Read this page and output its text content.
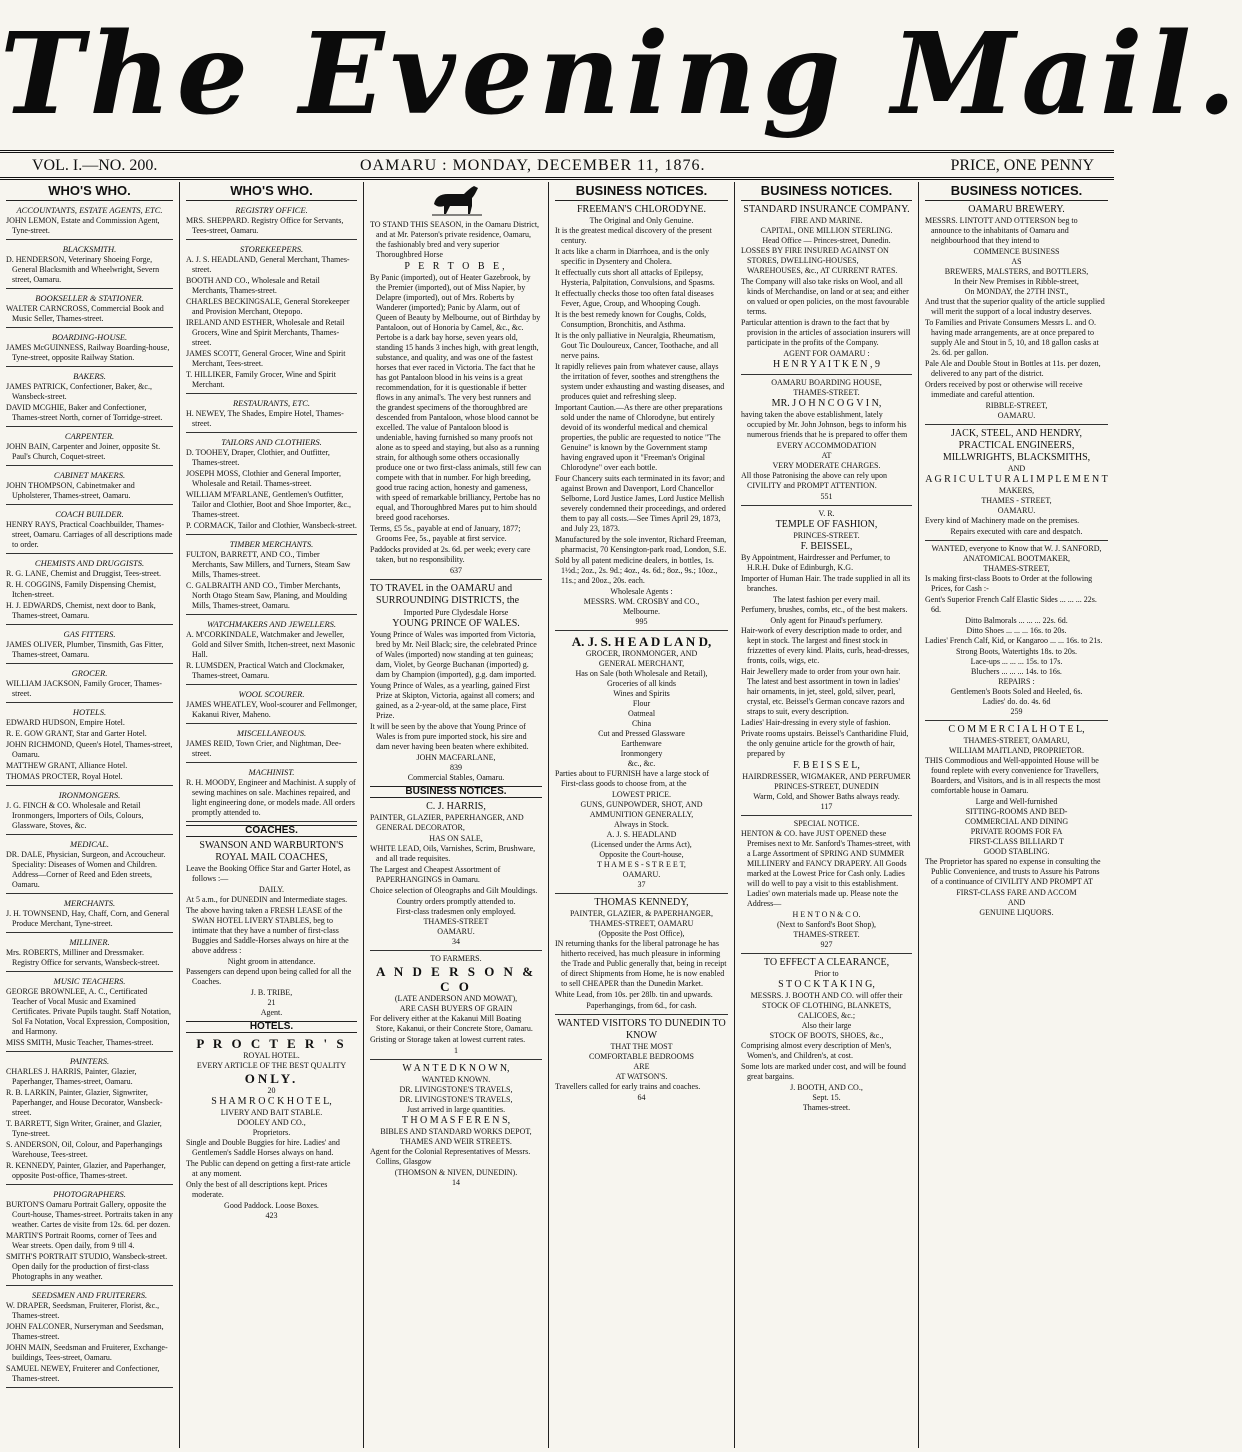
The Evening Mail.
VOL. I.—NO. 200.	OAMARU : MONDAY, DECEMBER 11, 1876.	PRICE, ONE PENNY
WHO'S WHO.
ACCOUNTANTS, ESTATE AGENTS, ETC.
JOHN LEMON, Estate and Commission Agent, Tyne-street.
BLACKSMITH.
D. HENDERSON, Veterinary Shoeing Forge, General Blacksmith and Wheelwright, Severn street, Oamaru.
BOOKSELLER & STATIONER.
WALTER CARNCROSS, Commercial Book and Music Seller, Thames-street.
BOARDING-HOUSE.
JAMES McGUINNESS, Railway Boarding-house, Tyne-street, opposite Railway Station.
BAKERS.
JAMES PATRICK, Confectioner, Baker, &c., Wansbeck-street.
DAVID MCGHIE, Baker and Confectioner, Thames-street North, corner of Torridge-street.
CARPENTER.
JOHN BAIN, Carpenter and Joiner, opposite St. Paul's Church, Coquet-street.
CABINET MAKERS.
JOHN THOMPSON, Cabinetmaker and Upholsterer, Thames-street, Oamaru.
COACH BUILDER.
HENRY RAYS, Practical Coachbuilder, Thames-street, Oamaru. Carriages of all descriptions made to order.
CHEMISTS AND DRUGGISTS.
R. G. LANE, Chemist and Druggist, Tees-street.
R. H. COGGINS, Family Dispensing Chemist, Itchen-street.
H. J. EDWARDS, Chemist, next door to Bank, Thames-street, Oamaru.
GAS FITTERS.
JAMES OLIVER, Plumber, Tinsmith, Gas Fitter, Thames-street, Oamaru.
GROCER.
WILLIAM JACKSON, Family Grocer, Thames-street.
HOTELS.
EDWARD HUDSON, Empire Hotel.
R. E. GOW GRANT, Star and Garter Hotel.
JOHN RICHMOND, Queen's Hotel, Thames-street, Oamaru.
MATTHEW GRANT, Alliance Hotel.
THOMAS PROCTER, Royal Hotel.
IRONMONGERS.
J. G. FINCH & CO. Wholesale and Retail Ironmongers, Importers of Oils, Colours, Glassware, Stoves, &c.
MEDICAL.
DR. DALE, Physician, Surgeon, and Accoucheur. Speciality: Diseases of Women and Children. Address—Corner of Reed and Eden streets, Oamaru.
MERCHANTS.
J. H. TOWNSEND, Hay, Chaff, Corn, and General Produce Merchant, Tyne-street.
MILLINER.
Mrs. ROBERTS, Milliner and Dressmaker. Registry Office for servants, Wansbeck-street.
MUSIC TEACHERS.
GEORGE BROWNLEE, A. C., Certificated Teacher of Vocal Music and Examined Certificates. Private Pupils taught. Staff Notation, Sol Fa Notation, Vocal Expression, Composition, and Harmony.
MISS SMITH, Music Teacher, Thames-street.
PAINTERS.
CHARLES J. HARRIS, Painter, Glazier, Paperhanger, Thames-street, Oamaru.
R. B. LARKIN, Painter, Glazier, Signwriter, Paperhanger, and House Decorator, Wansbeck-street.
T. BARRETT, Sign Writer, Grainer, and Glazier, Tyne-street.
S. ANDERSON, Oil, Colour, and Paperhangings Warehouse, Tees-street.
R. KENNEDY, Painter, Glazier, and Paperhanger, opposite Post-office, Thames-street.
PHOTOGRAPHERS.
BURTON'S Oamaru Portrait Gallery, opposite the Court-house, Thames-street. Portraits taken in any weather. Cartes de visite from 12s. 6d. per dozen.
MARTIN'S Portrait Rooms, corner of Tees and Wear streets. Open daily, from 9 till 4.
SMITH'S PORTRAIT STUDIO, Wansbeck-street. Open daily for the production of first-class Photographs in any weather.
SEEDSMEN AND FRUITERERS.
W. DRAPER, Seedsman, Fruiterer, Florist, &c., Thames-street.
JOHN FALCONER, Nurseryman and Seedsman, Thames-street.
JOHN MAIN, Seedsman and Fruiterer, Exchange-buildings, Tees-street, Oamaru.
SAMUEL NEWEY, Fruiterer and Confectioner, Thames-street.
WHO'S WHO.
REGISTRY OFFICE.
MRS. SHEPPARD. Registry Office for Servants, Tees-street, Oamaru.
STOREKEEPERS.
A. J. S. HEADLAND, General Merchant, Thames-street.
BOOTH AND CO., Wholesale and Retail Merchants, Thames-street.
CHARLES BECKINGSALE, General Storekeeper and Provision Merchant, Otepopo.
IRELAND AND ESTHER, Wholesale and Retail Grocers, Wine and Spirit Merchants, Thames-street.
JAMES SCOTT, General Grocer, Wine and Spirit Merchant, Tees-street.
T. HILLIKER, Family Grocer, Wine and Spirit Merchant.
RESTAURANTS, ETC.
H. NEWEY, The Shades, Empire Hotel, Thames-street.
TAILORS AND CLOTHIERS.
D. TOOHEY, Draper, Clothier, and Outfitter, Thames-street.
JOSEPH MOSS, Clothier and General Importer, Wholesale and Retail. Thames-street.
WILLIAM M'FARLANE, Gentlemen's Outfitter, Tailor and Clothier, Boot and Shoe Importer, &c., Thames-street.
P. CORMACK, Tailor and Clothier, Wansbeck-street.
TIMBER MERCHANTS.
FULTON, BARRETT, AND CO., Timber Merchants, Saw Millers, and Turners, Steam Saw Mills, Thames-street.
C. GALBRAITH AND CO., Timber Merchants, North Otago Steam Saw, Planing, and Moulding Mills, Thames-street, Oamaru.
WATCHMAKERS AND JEWELLERS.
A. M'CORKINDALE, Watchmaker and Jeweller, Gold and Silver Smith, Itchen-street, next Masonic Hall.
R. LUMSDEN, Practical Watch and Clockmaker, Thames-street, Oamaru.
WOOL SCOURER.
JAMES WHEATLEY, Wool-scourer and Fellmonger, Kakanui River, Maheno.
MISCELLANEOUS.
JAMES REID, Town Crier, and Nightman, Dee-street.
MACHINIST.
R. H. MOODY, Engineer and Machinist. A supply of sewing machines on sale. Machines repaired, and light engineering done, or models made. All orders promptly attended to.
COACHES.
SWANSON AND WARBURTON'S
ROYAL MAIL COACHES,
Leave the Booking Office Star and Garter Hotel, as follows :—
DAILY.
At 5 a.m., for DUNEDIN and Intermediate stages.
The above having taken a FRESH LEASE of the SWAN HOTEL LIVERY STABLES, beg to intimate that they have a number of first-class Buggies and Saddle-Horses always on hire at the above address :
Night groom in attendance.
Passengers can depend upon being called for all the Coaches.
J. B. TRIBE,
21
Agent.
HOTELS.
P R O C T E R ' S
ROYAL HOTEL.
EVERY ARTICLE OF THE BEST QUALITY
ONLY.
20
S H A M R O C K H O T E L,
LIVERY AND BAIT STABLE.
DOOLEY AND CO.,
Proprietors.
Single and Double Buggies for hire. Ladies' and Gentlemen's Saddle Horses always on hand.
The Public can depend on getting a first-rate article at any moment.
Only the best of all descriptions kept. Prices moderate.
Good Paddock. Loose Boxes.
423
TO STAND THIS SEASON, in the Oamaru District, and at Mr. Paterson's private residence, Oamaru, the fashionably bred and very superior Thoroughbred Horse
P E R T O B E,
By Panic (imported), out of Heater Gazebrook, by the Premier (imported), out of Miss Napier, by Delapre (imported), out of Mrs. Roberts by Wanderer (imported); Panic by Alarm, out of Queen of Beauty by Melbourne, out of Birthday by Pantaloon, out of Honoria by Camel, &c., &c. Pertobe is a dark bay horse, seven years old, standing 15 hands 3 inches high, with great length, substance, and quality, and was one of the fastest horses that ever raced in Victoria. The fact that he has got Pantaloon blood in his veins is a great recommendation, for it is questionable if better flows in any animal's. The very best runners and the grandest specimens of the thoroughbred are descended from Pantaloon, whose blood cannot be excelled. The value of Pantaloon blood is undeniable, having furnished so many proofs not alone as to speed and staying, but also as a running strain, for although some others occasionally produce one or two first-class animals, still few can compete with that in number. For high breeding, good true racing action, honesty and gameness, with speed of remarkable brilliancy, Pertobe has no equal, and Thoroughbred Mares put to him should breed good racehorses.
Terms, £5 5s., payable at end of January, 1877; Grooms Fee, 5s., payable at first service.
Paddocks provided at 2s. 6d. per week; every care taken, but no responsibility.
637
TO TRAVEL in the OAMARU and SURROUNDING DISTRICTS, the
Imported Pure Clydesdale Horse
YOUNG PRINCE OF WALES.
Young Prince of Wales was imported from Victoria, bred by Mr. Neil Black; sire, the celebrated Prince of Wales (imported) now standing at ten guineas; dam, Violet, by George Buchanan (imported) g. dam by Champion (imported), g.g. dam imported.
Young Prince of Wales, as a yearling, gained First Prize at Skipton, Victoria, against all comers; and gained, as a 2-year-old, at the same place, First Prize.
It will be seen by the above that Young Prince of Wales is from pure imported stock, his sire and dam never having been beaten where exhibited.
JOHN MACFARLANE,
839
Commercial Stables, Oamaru.
BUSINESS NOTICES.
C. J. HARRIS,
PAINTER, GLAZIER, PAPERHANGER, AND GENERAL DECORATOR,
HAS ON SALE,
WHITE LEAD, Oils, Varnishes, Scrim, Brushware, and all trade requisites.
The Largest and Cheapest Assortment of PAPERHANGINGS in Oamaru.
Choice selection of Oleographs and Gilt Mouldings.
Country orders promptly attended to.
First-class tradesmen only employed.
THAMES-STREET
OAMARU.
34
TO FARMERS.
A N D E R S O N & C O
(LATE ANDERSON AND MOWAT),
ARE CASH BUYERS OF GRAIN
For delivery either at the Kakanui Mill Boating Store, Kakanui, or their Concrete Store, Oamaru.
Gristing or Storage taken at lowest current rates.
1
W A N T E D K N O W N,
WANTED KNOWN.
DR. LIVINGSTONE'S TRAVELS,
DR. LIVINGSTONE'S TRAVELS,
Just arrived in large quantities.
T H O M A S F E R E N S,
BIBLES AND STANDARD WORKS DEPOT,
THAMES AND WEIR STREETS.
Agent for the Colonial Representatives of Messrs. Collins, Glasgow
(THOMSON & NIVEN, DUNEDIN).
14
BUSINESS NOTICES.
FREEMAN'S CHLORODYNE.
The Original and Only Genuine.
It is the greatest medical discovery of the present century.
It acts like a charm in Diarrhoea, and is the only specific in Dysentery and Cholera.
It effectually cuts short all attacks of Epilepsy, Hysteria, Palpitation, Convulsions, and Spasms.
It effectually checks those too often fatal diseases Fever, Ague, Croup, and Whooping Cough.
It is the best remedy known for Coughs, Colds, Consumption, Bronchitis, and Asthma.
It is the only palliative in Neuralgia, Rheumatism, Gout Tic Douloureux, Cancer, Toothache, and all nerve pains.
It rapidly relieves pain from whatever cause, allays the irritation of fever, soothes and strengthens the system under exhausting and wasting diseases, and produces quiet and refreshing sleep.
Important Caution.—As there are other preparations sold under the name of Chlorodyne, but entirely devoid of its wonderful medical and chemical properties, the public are requested to notice "The Genuine" is known by the Government stamp having engraved upon it "Freeman's Original Chlorodyne" over each bottle.
Four Chancery suits each terminated in its favor; and against Brown and Davenport, Lord Chancellor Selborne, Lord Justice James, Lord Justice Mellish severely condemned their proceedings, and ordered them to pay all costs.—See Times April 29, 1873, and July 23, 1873.
Manufactured by the sole inventor, Richard Freeman, pharmacist, 70 Kensington-park road, London, S.E.
Sold by all patent medicine dealers, in bottles, 1s. 1½d.; 2oz., 2s. 9d.; 4oz., 4s. 6d.; 8oz., 9s.; 10oz., 11s.; and 20oz., 20s. each.
Wholesale Agents :
MESSRS. WM. CROSBY and CO.,
Melbourne.
995
A. J. S. H E A D L A N D,
GROCER, IRONMONGER, AND
GENERAL MERCHANT,
Has on Sale (both Wholesale and Retail),
Groceries of all kinds
Wines and Spirits
Flour
Oatmeal
China
Cut and Pressed Glassware
Earthenware
Ironmongery
&c., &c.
Parties about to FURNISH have a large stock of First-class goods to choose from, at the
LOWEST PRICE.
GUNS, GUNPOWDER, SHOT, AND
AMMUNITION GENERALLY,
Always in Stock.
A. J. S. HEADLAND
(Licensed under the Arms Act),
Opposite the Court-house,
T H A M E S - S T R E E T,
OAMARU.
37
THOMAS KENNEDY,
PAINTER, GLAZIER, & PAPERHANGER,
THAMES-STREET, OAMARU
(Opposite the Post Office),
IN returning thanks for the liberal patronage he has hitherto received, has much pleasure in informing the Trade and Public generally that, being in receipt of direct Shipments from Home, he is now enabled to sell CHEAPER than the Dunedin Market.
White Lead, from 10s. per 28lb. tin and upwards.
Paperhangings, from 6d., for cash.
WANTED VISITORS TO DUNEDIN TO KNOW
THAT THE MOST
COMFORTABLE BEDROOMS
ARE
AT WATSON'S.
Travellers called for early trains and coaches.
64
BUSINESS NOTICES.
STANDARD INSURANCE COMPANY.
FIRE AND MARINE.
CAPITAL, ONE MILLION STERLING.
Head Office — Princes-street, Dunedin.
LOSSES BY FIRE INSURED AGAINST ON STORES, DWELLING-HOUSES, WAREHOUSES, &c., AT CURRENT RATES.
The Company will also take risks on Wool, and all kinds of Merchandise, on land or at sea; and either on valued or open policies, on the most favourable terms.
Particular attention is drawn to the fact that by provision in the articles of association insurers will participate in the profits of the Company.
AGENT FOR OAMARU :
H E N R Y A I T K E N , 9
OAMARU BOARDING HOUSE,
THAMES-STREET.
MR. J O H N C O G V I N,
having taken the above establishment, lately occupied by Mr. John Johnson, begs to inform his numerous friends that he is prepared to offer them
EVERY ACCOMMODATION
AT
VERY MODERATE CHARGES.
All those Patronising the above can rely upon CIVILITY and PROMPT ATTENTION.
551
V. R.
TEMPLE OF FASHION,
PRINCES-STREET.
F. BEISSEL,
By Appointment, Hairdresser and Perfumer, to H.R.H. Duke of Edinburgh, K.G.
Importer of Human Hair. The trade supplied in all its branches.
The latest fashion per every mail.
Perfumery, brushes, combs, etc., of the best makers.
Only agent for Pinaud's perfumery.
Hair-work of every description made to order, and kept in stock. The largest and finest stock in frizzettes of every kind. Plaits, curls, head-dresses, fronts, coils, wigs, etc.
Hair Jewellery made to order from your own hair. The latest and best assortment in town in ladies' hair ornaments, in jet, steel, gold, silver, pearl, crystal, etc. Beissel's German concave razors and straps to suit, every description.
Ladies' Hair-dressing in every style of fashion.
Private rooms upstairs. Beissel's Cantharidine Fluid, the only genuine article for the growth of hair, prepared by
F. B E I S S E L,
HAIRDRESSER, WIGMAKER, AND PERFUMER
PRINCES-STREET, DUNEDIN
Warm, Cold, and Shower Baths always ready.
117
SPECIAL NOTICE.
HENTON & CO. have JUST OPENED these Premises next to Mr. Sanford's Thames-street, with a Large Assortment of SPRING AND SUMMER MILLINERY and FANCY DRAPERY. All Goods marked at the Lowest Price for Cash only. Ladies will do well to pay a visit to this establishment. Ladies' own materials made up. Please note the Address—
H E N T O N & C O.
(Next to Sanford's Boot Shop),
THAMES-STREET.
927
TO EFFECT A CLEARANCE,
Prior to
S T O C K T A K I N G,
MESSRS. J. BOOTH AND CO. will offer their
STOCK OF CLOTHING, BLANKETS, CALICOES, &c.;
Also their large
STOCK OF BOOTS, SHOES, &c.,
Comprising almost every description of Men's, Women's, and Children's, at cost.
Some lots are marked under cost, and will be found great bargains.
J. BOOTH, AND CO.,
Sept. 15.
Thames-street.
BUSINESS NOTICES.
OAMARU BREWERY.
MESSRS. LINTOTT AND OTTERSON beg to announce to the inhabitants of Oamaru and neighbourhood that they intend to
COMMENCE BUSINESS
AS
BREWERS, MALSTERS, and BOTTLERS,
In their New Premises in Ribble-street,
On MONDAY, the 27TH INST.,
And trust that the superior quality of the article supplied will merit the support of a local industry deserves.
To Families and Private Consumers Messrs L. and O. having made arrangements, are at once prepared to supply Ale and Stout in 5, 10, and 18 gallon casks at 2s. 6d. per gallon.
Pale Ale and Double Stout in Bottles at 11s. per dozen, delivered to any part of the district.
Orders received by post or otherwise will receive immediate and careful attention.
RIBBLE-STREET,
OAMARU.
JACK, STEEL, AND HENDRY,
PRACTICAL ENGINEERS, MILLWRIGHTS, BLACKSMITHS,
AND
A G R I C U L T U R A L I M P L E M E N T
MAKERS,
THAMES - STREET,
OAMARU.
Every kind of Machinery made on the premises.
Repairs executed with care and despatch.
WANTED, everyone to Know that W. J. SANFORD,
ANATOMICAL BOOTMAKER,
THAMES-STREET,
Is making first-class Boots to Order at the following Prices, for Cash :-
Gent's Superior French Calf Elastic Sides ... ... ... 22s. 6d.
Ditto Balmorals ... ... ... 22s. 6d.
Ditto Shoes ... ... ... 16s. to 20s.
Ladies' French Calf, Kid, or Kangaroo ... ... 16s. to 21s.
Strong Boots, Watertights 18s. to 20s.
Lace-ups ... ... ... 15s. to 17s.
Bluchers ... ... ... 14s. to 16s.
REPAIRS :
Gentlemen's Boots Soled and Heeled, 6s.
Ladies' do. do. 4s. 6d
259
C O M M E R C I A L H O T E L,
THAMES-STREET, OAMARU,
WILLIAM MAITLAND, PROPRIETOR.
THIS Commodious and Well-appointed House will be found replete with every convenience for Travellers, Boarders, and Visitors, and is in all respects the most comfortable house in Oamaru.
Large and Well-furnished
SITTING-ROOMS AND BED-
COMMERCIAL AND DINING
PRIVATE ROOMS FOR FA
FIRST-CLASS BILLIARD T
GOOD STABLING.
The Proprietor has spared no expense in consulting the Public Convenience, and trusts to Assure his Patrons of a continuance of CIVILITY AND PROMPT AT
FIRST-CLASS FARE AND ACCOM
AND
GENUINE LIQUORS.
